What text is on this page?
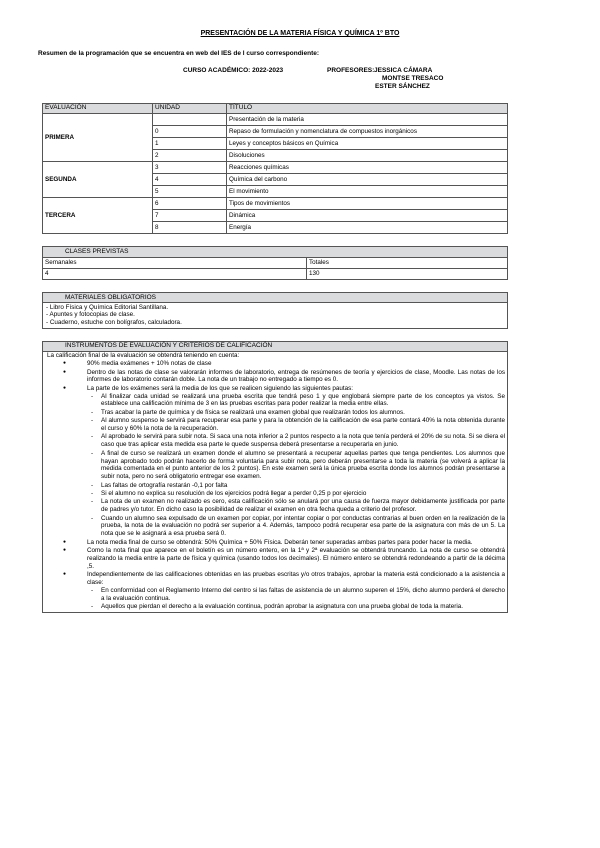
PRESENTACIÓN DE LA MATERIA FÍSICA Y QUÍMICA 1º BTO
Resumen de la programación que se encuentra en web del IES de l curso correspondiente:
CURSO ACADÉMICO: 2022-2023	PROFESORES: JESSICA CÁMARA
MONTSE TRESACO
ESTER SÁNCHEZ
EVALUACIÓN	UNIDAD	TÍTULO
PRIMERA		Presentación de la materia
	0	Repaso de formulación y nomenclatura de compuestos inorgánicos
	1	Leyes y conceptos básicos en Química
	2	Disoluciones
SEGUNDA	3	Reacciones químicas
	4	Química del carbono
	5	El movimiento
TERCERA	6	Tipos de movimientos
	7	Dinámica
	8	Energía
CLASES PREVISTAS	
Semanales	Totales
4	130
MATERIALES OBLIGATORIOS

- Libro Física y Química Editorial Santillana.
- Apuntes y fotocopias de clase.
- Cuaderno, estuche con bolígrafos, calculadora.
INSTRUMENTOS DE EVALUACIÓN Y CRITERIOS DE CALIFICACIÓN

La calificación final de la evaluación se obtendrá teniendo en cuenta:
● 90% media exámenes + 10% notas de clase
● Dentro de las notas de clase se valorarán informes de laboratorio, entrega de resúmenes de teoría y ejercicios de clase, Moodle. Las notas de los informes de laboratorio contarán doble. La nota de un trabajo no entregado a tiempo es 0.
● La parte de los exámenes será la media de los que se realicen siguiendo las siguientes pautas:
- Al finalizar cada unidad se realizará una prueba escrita que tendrá peso 1 y que englobará siempre parte de los conceptos ya vistos. Se establece una calificación mínima de 3 en las pruebas escritas para poder realizar la media entre ellas.
- Tras acabar la parte de química y de física se realizará una examen global que realizarán todos los alumnos.
- Al alumno suspenso le servirá para recuperar esa parte y para la obtención de la calificación de esa parte contará 40% la nota obtenida durante el curso y 60% la nota de la recuperación.
- Al aprobado le servirá para subir nota. Si saca una nota inferior a 2 puntos respecto a la nota que tenía perderá el 20% de su nota. Si se diera el caso que tras aplicar esta medida esa parte le quede suspensa deberá presentarse a recuperarla en junio.
- A final de curso se realizará un examen donde el alumno se presentará a recuperar aquellas partes que tenga pendientes. Los alumnos que hayan aprobado todo podrán hacerlo de forma voluntaria para subir nota, pero deberán presentarse a toda la materia (se volverá a aplicar la medida comentada en el punto anterior de los 2 puntos). En este examen será la única prueba escrita donde los alumnos podrán presentarse a subir nota, pero no será obligatorio entregar ese examen.
- Las faltas de ortografía restarán -0,1 por falta
- Si el alumno no explica su resolución de los ejercicios podrá llegar a perder 0,25 p por ejercicio
- La nota de un examen no realizado es cero, esta calificación sólo se anulará por una causa de fuerza mayor debidamente justificada por parte de padres y/o tutor. En dicho caso la posibilidad de realizar el examen en otra fecha queda a criterio del profesor.
- Cuando un alumno sea expulsado de un examen por copiar, por intentar copiar o por conductas contrarias al buen orden en la realización de la prueba, la nota de la evaluación no podrá ser superior a 4. Además, tampoco podrá recuperar esa parte de la asignatura con más de un 5. La nota que se le asignará a esa prueba será 0.
● La nota media final de curso se obtendrá: 50% Química + 50% Física. Deberán tener superadas ambas partes para poder hacer la media.
● Como la nota final que aparece en el boletín es un número entero, en la 1ª y 2ª evaluación se obtendrá truncando. La nota de curso se obtendrá realizando la media entre la parte de física y química (usando todos los decimales). El número entero se obtendrá redondeando a partir de la décima ,5.
● Independientemente de las calificaciones obtenidas en las pruebas escritas y/o otros trabajos, aprobar la materia está condicionado a la asistencia a clase:
- En conformidad con el Reglamento Interno del centro si las faltas de asistencia de un alumno superen el 15%, dicho alumno perderá el derecho a la evaluación continua.
- Aquellos que pierdan el derecho a la evaluación continua, podrán aprobar la asignatura con una prueba global de toda la materia.
